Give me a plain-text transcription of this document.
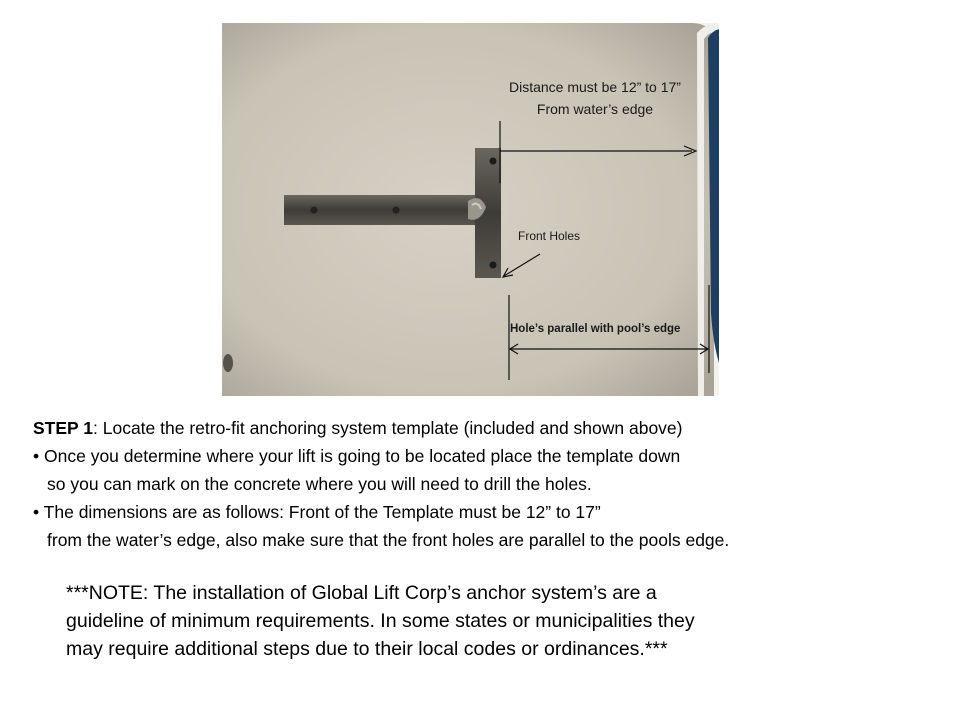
Distance must be 12” to 17”
From water’s edge
Front Holes
Hole’s parallel with pool’s edge
STEP 1: Locate the retro-fit anchoring system template (included and shown above)
• Once you determine where your lift is going to be located place the template down
so you can mark on the concrete where you will need to drill the holes.
• The dimensions are as follows: Front of the Template must be 12” to 17”
from the water’s edge, also make sure that the front holes are parallel to the pools edge.
***NOTE: The installation of Global Lift Corp’s anchor system’s are a
guideline of minimum requirements. In some states or municipalities they
may require additional steps due to their local codes or ordinances.***
